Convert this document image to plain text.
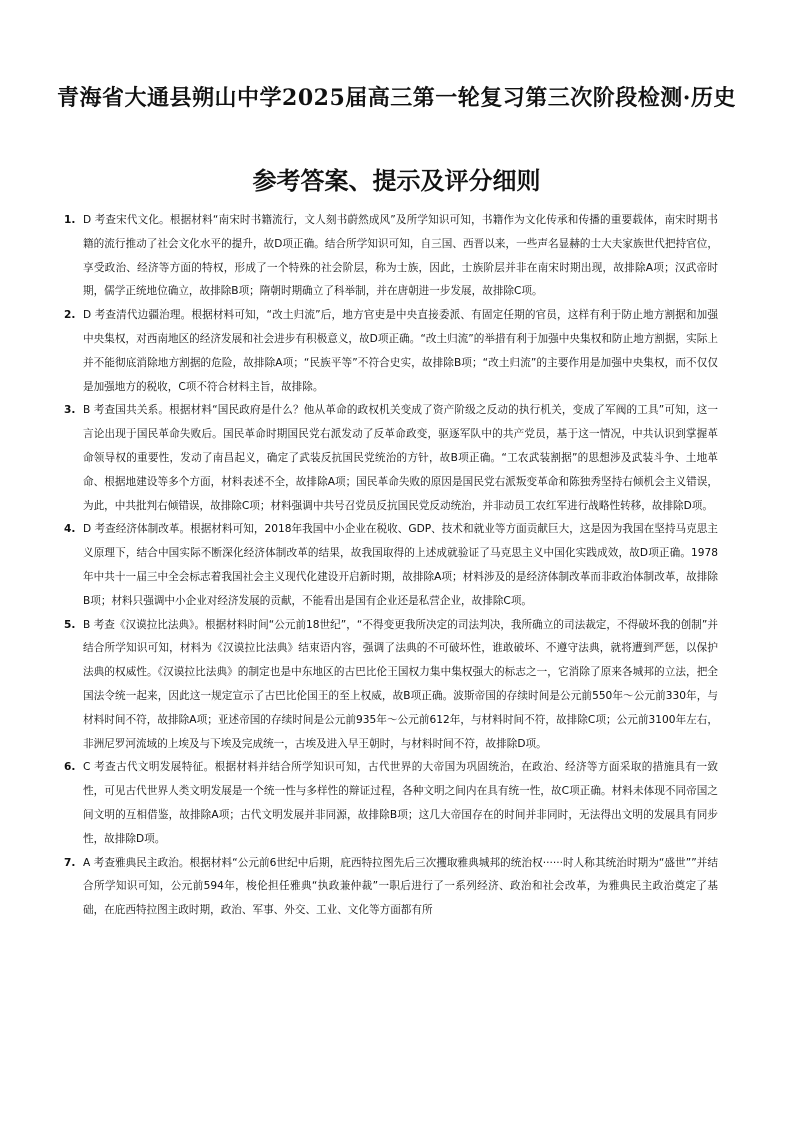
青海省大通县朔山中学2025届高三第一轮复习第三次阶段检测·历史
参考答案、提示及评分细则

1. D 考查宋代文化。根据材料“南宋时书籍流行，文人刻书蔚然成风”及所学知识可知，书籍作为文化传承和传播的重要载体，南宋时期书籍的流行推动了社会文化水平的提升，故D项正确。结合所学知识可知，自三国、西晋以来，一些声名显赫的士大夫家族世代把持官位，享受政治、经济等方面的特权，形成了一个特殊的社会阶层，称为士族，因此，士族阶层并非在南宋时期出现，故排除A项；汉武帝时期，儒学正统地位确立，故排除B项；隋朝时期确立了科举制，并在唐朝进一步发展，故排除C项。

2. D 考查清代边疆治理。根据材料可知，“改土归流”后，地方官吏是中央直接委派、有固定任期的官员，这样有利于防止地方割据和加强中央集权，对西南地区的经济发展和社会进步有积极意义，故D项正确。“改土归流”的举措有利于加强中央集权和防止地方割据，实际上并不能彻底消除地方割据的危险，故排除A项；“民族平等”不符合史实，故排除B项；“改土归流”的主要作用是加强中央集权，而不仅仅是加强地方的税收，C项不符合材料主旨，故排除。

3. B 考查国共关系。根据材料“国民政府是什么？他从革命的政权机关变成了资产阶级之反动的执行机关，变成了军阀的工具”可知，这一言论出现于国民革命失败后。国民革命时期国民党右派发动了反革命政变，驱逐军队中的共产党员，基于这一情况，中共认识到掌握革命领导权的重要性，发动了南昌起义，确定了武装反抗国民党统治的方针，故B项正确。“工农武装割据”的思想涉及武装斗争、土地革命、根据地建设等多个方面，材料表述不全，故排除A项；国民革命失败的原因是国民党右派叛变革命和陈独秀坚持右倾机会主义错误，为此，中共批判右倾错误，故排除C项；材料强调中共号召党员反抗国民党反动统治，并非动员工农红军进行战略性转移，故排除D项。

4. D 考查经济体制改革。根据材料可知，2018年我国中小企业在税收、GDP、技术和就业等方面贡献巨大，这是因为我国在坚持马克思主义原理下，结合中国实际不断深化经济体制改革的结果，故我国取得的上述成就验证了马克思主义中国化实践成效，故D项正确。1978年中共十一届三中全会标志着我国社会主义现代化建设开启新时期，故排除A项；材料涉及的是经济体制改革而非政治体制改革，故排除B项；材料只强调中小企业对经济发展的贡献，不能看出是国有企业还是私营企业，故排除C项。

5. B 考查《汉谟拉比法典》。根据材料时间“公元前18世纪”，“不得变更我所决定的司法判决，我所确立的司法裁定，不得破坏我的创制”并结合所学知识可知，材料为《汉谟拉比法典》结束语内容，强调了法典的不可破坏性，谁敢破坏、不遵守法典，就将遭到严惩，以保护法典的权威性。《汉谟拉比法典》的制定也是中东地区的古巴比伦王国权力集中集权强大的标志之一，它消除了原来各城邦的立法，把全国法令统一起来，因此这一规定宣示了古巴比伦国王的至上权威，故B项正确。波斯帝国的存续时间是公元前550年～公元前330年，与材料时间不符，故排除A项；亚述帝国的存续时间是公元前935年～公元前612年，与材料时间不符，故排除C项；公元前3100年左右，非洲尼罗河流域的上埃及与下埃及完成统一，古埃及进入早王朝时，与材料时间不符，故排除D项。

6. C 考查古代文明发展特征。根据材料并结合所学知识可知，古代世界的大帝国为巩固统治，在政治、经济等方面采取的措施具有一致性，可见古代世界人类文明发展是一个统一性与多样性的辩证过程，各种文明之间内在具有统一性，故C项正确。材料未体现不同帝国之间文明的互相借鉴，故排除A项；古代文明发展并非同源，故排除B项；这几大帝国存在的时间并非同时，无法得出文明的发展具有同步性，故排除D项。

7. A 考查雅典民主政治。根据材料“公元前6世纪中后期，庇西特拉图先后三次攫取雅典城邦的统治权······时人称其统治时期为“盛世””并结合所学知识可知，公元前594年，梭伦担任雅典“执政兼仲裁”一职后进行了一系列经济、政治和社会改革，为雅典民主政治奠定了基础，在庇西特拉图主政时期，政治、军事、外交、工业、文化等方面都有所
